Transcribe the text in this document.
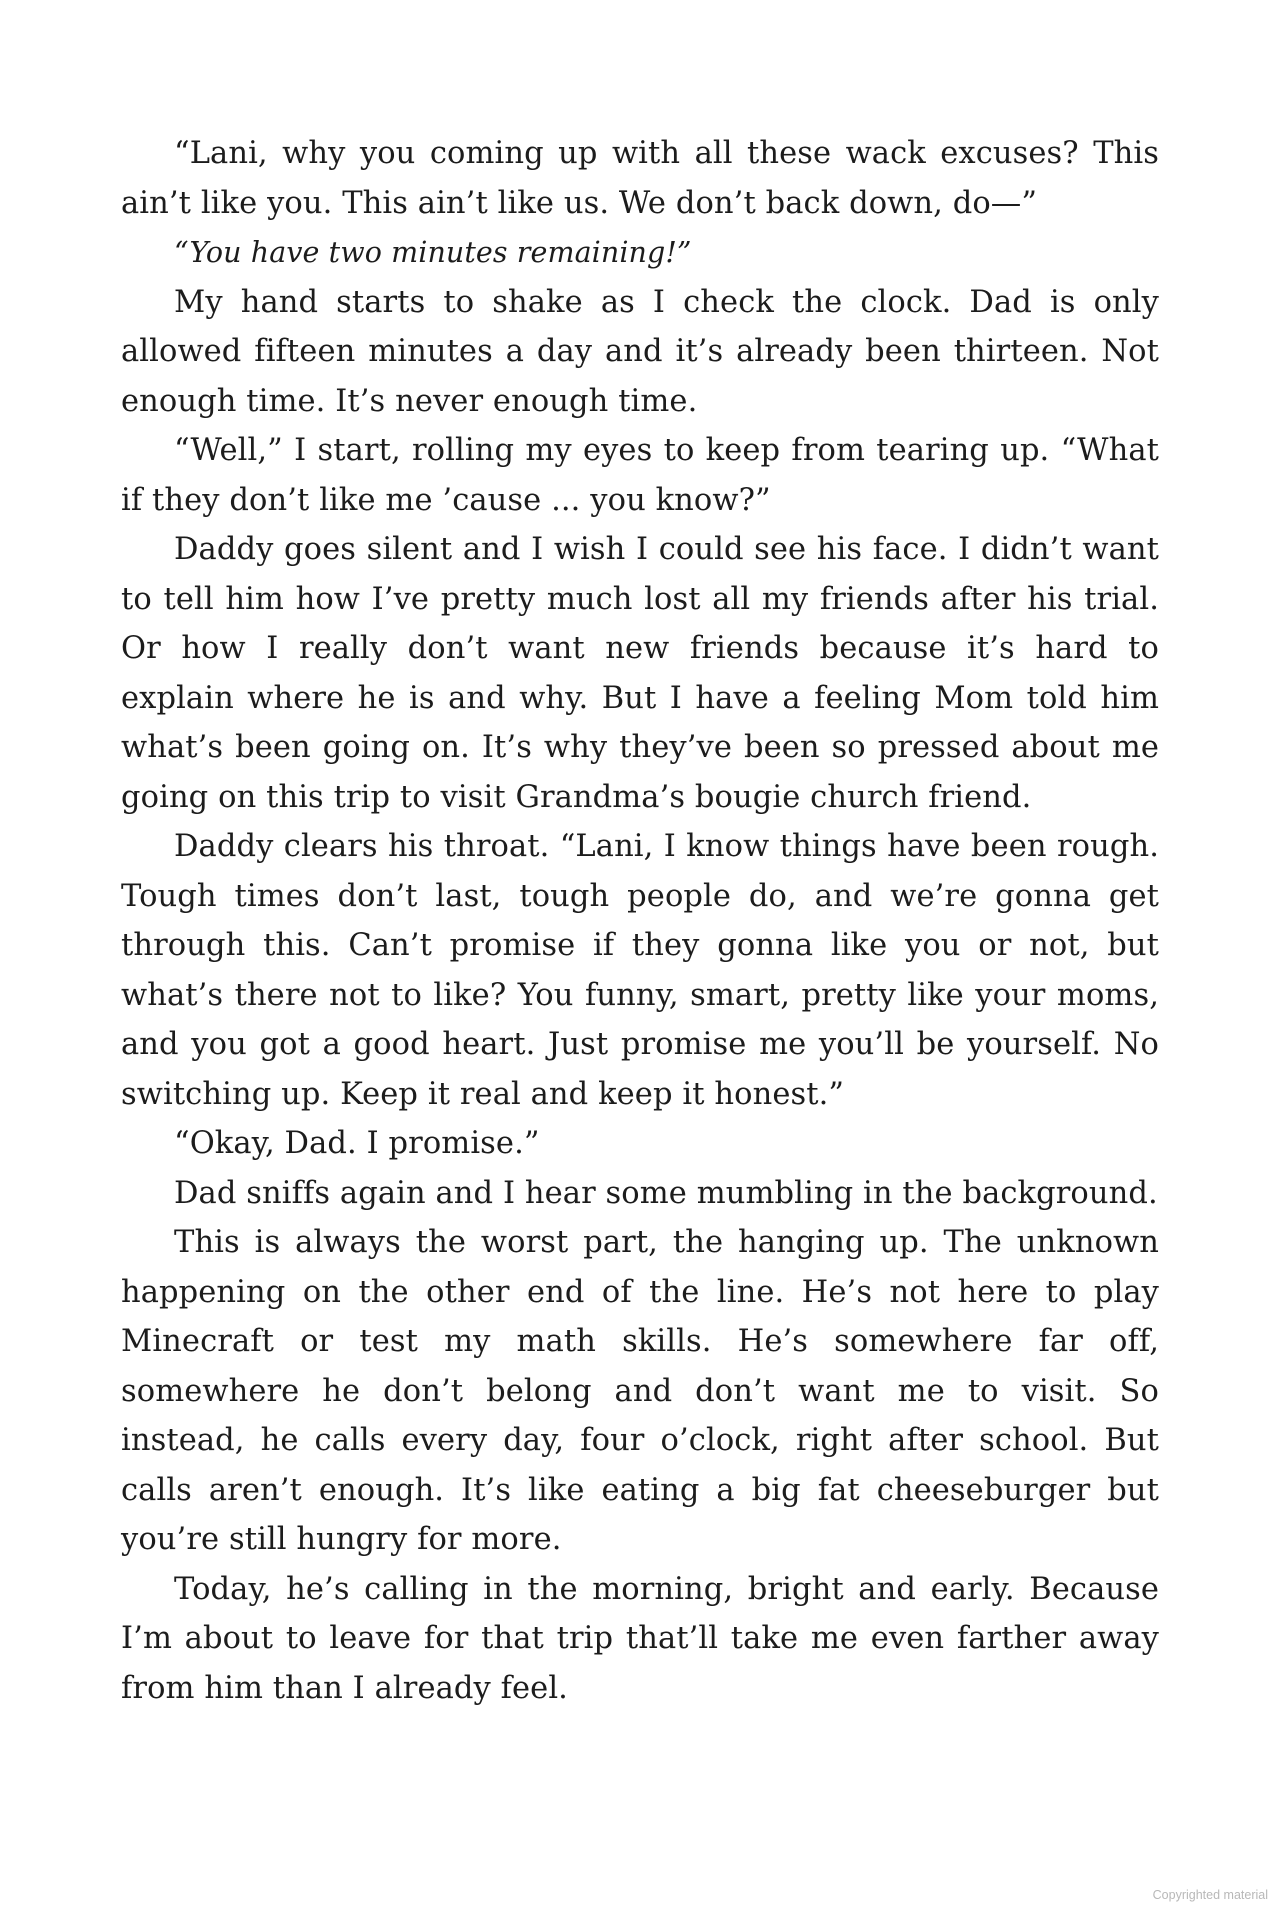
“Lani, why you coming up with all these wack excuses? This ain’t like you. This ain’t like us. We don’t back down, do—”

“You have two minutes remaining!”

My hand starts to shake as I check the clock. Dad is only allowed fifteen minutes a day and it’s already been thirteen. Not enough time. It’s never enough time.

“Well,” I start, rolling my eyes to keep from tearing up. “What if they don’t like me ’cause ... you know?”

Daddy goes silent and I wish I could see his face. I didn’t want to tell him how I’ve pretty much lost all my friends after his trial. Or how I really don’t want new friends because it’s hard to explain where he is and why. But I have a feeling Mom told him what’s been going on. It’s why they’ve been so pressed about me going on this trip to visit Grandma’s bougie church friend.

Daddy clears his throat. “Lani, I know things have been rough. Tough times don’t last, tough people do, and we’re gonna get through this. Can’t promise if they gonna like you or not, but what’s there not to like? You funny, smart, pretty like your moms, and you got a good heart. Just promise me you’ll be yourself. No switching up. Keep it real and keep it honest.”

“Okay, Dad. I promise.”

Dad sniffs again and I hear some mumbling in the background.

This is always the worst part, the hanging up. The unknown happening on the other end of the line. He’s not here to play Minecraft or test my math skills. He’s somewhere far off, somewhere he don’t belong and don’t want me to visit. So instead, he calls every day, four o’clock, right after school. But calls aren’t enough. It’s like eating a big fat cheeseburger but you’re still hungry for more.

Today, he’s calling in the morning, bright and early. Because I’m about to leave for that trip that’ll take me even farther away from him than I already feel.

Copyrighted material
